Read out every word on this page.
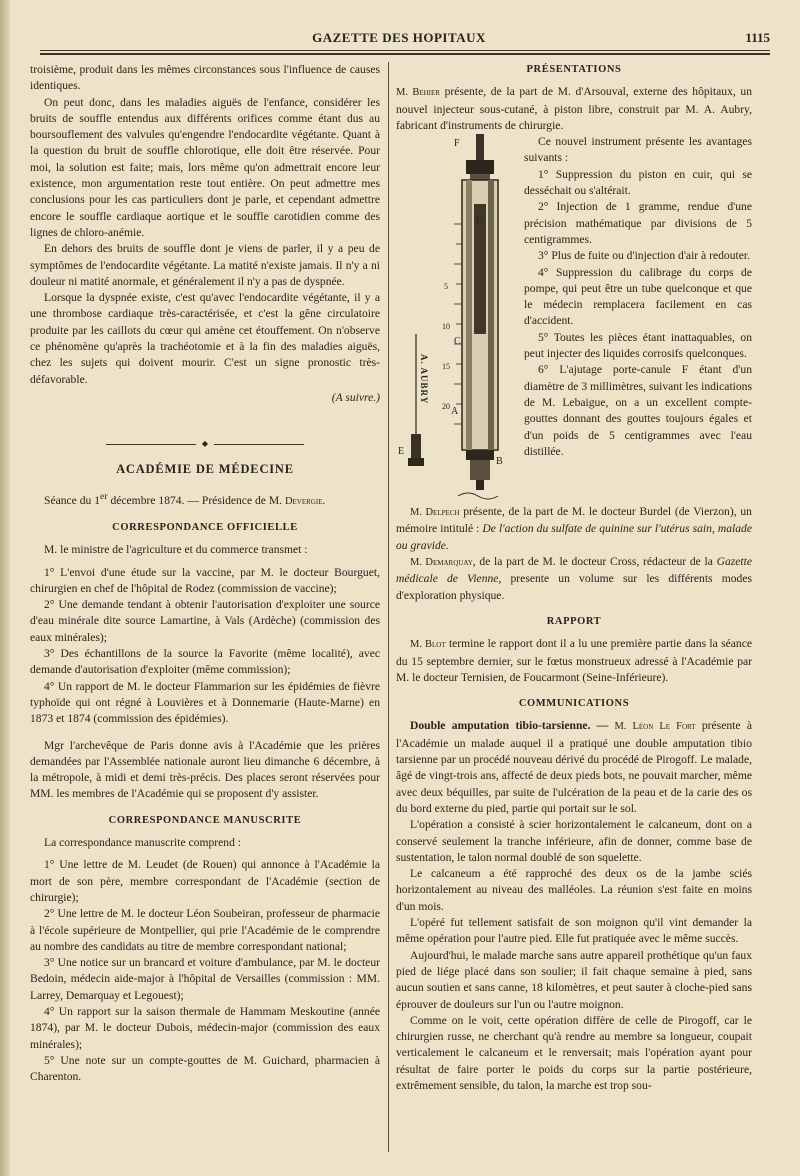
GAZETTE DES HOPITAUX	1115

troisième, produit dans les mêmes circonstances sous l'influence de causes identiques.

On peut donc, dans les maladies aiguës de l'enfance, considérer les bruits de souffle entendus aux différents orifices comme étant dus au boursouflement des valvules qu'engendre l'endocardite végétante. Quant à la question du bruit de souffle chlorotique, elle doit être réservée. Pour moi, la solution est faite; mais, lors même qu'on admettrait encore leur existence, mon argumentation reste tout entière. On peut admettre mes conclusions pour les cas particuliers dont je parle, et cependant admettre encore le souffle cardiaque aortique et le souffle carotidien comme des lignes de chloro-anémie.

En dehors des bruits de souffle dont je viens de parler, il y a peu de symptômes de l'endocardite végétante. La matité n'existe jamais. Il n'y a ni douleur ni matité anormale, et généralement il n'y a pas de dyspnée.

Lorsque la dyspnée existe, c'est qu'avec l'endocardite végétante, il y a une thrombose cardiaque très-caractérisée, et c'est la gêne circulatoire produite par les caillots du cœur qui amène cet étouffement. On n'observe ce phénomène qu'après la trachéotomie et à la fin des maladies aiguës, chez les sujets qui doivent mourir. C'est un signe pronostic très-défavorable.

(A suivre.)
◆
ACADÉMIE DE MÉDECINE

Séance du 1er décembre 1874. — Présidence de M. Devergie.

CORRESPONDANCE OFFICIELLE

M. le ministre de l'agriculture et du commerce transmet :

1° L'envoi d'une étude sur la vaccine, par M. le docteur Bourguet, chirurgien en chef de l'hôpital de Rodez (commission de vaccine);

2° Une demande tendant à obtenir l'autorisation d'exploiter une source d'eau minérale dite source Lamartine, à Vals (Ardèche) (commission des eaux minérales);

3° Des échantillons de la source la Favorite (même localité), avec demande d'autorisation d'exploiter (même commission);

4° Un rapport de M. le docteur Flammarion sur les épidémies de fièvre typhoïde qui ont régné à Louvières et à Donnemarie (Haute-Marne) en 1873 et 1874 (commission des épidémies).

Mgr l'archevêque de Paris donne avis à l'Académie que les prières demandées par l'Assemblée nationale auront lieu dimanche 6 décembre, à la métropole, à midi et demi très-précis. Des places seront réservées pour MM. les membres de l'Académie qui se proposent d'y assister.

CORRESPONDANCE MANUSCRITE

La correspondance manuscrite comprend :

1° Une lettre de M. Leudet (de Rouen) qui annonce à l'Académie la mort de son père, membre correspondant de l'Académie (section de chirurgie);

2° Une lettre de M. le docteur Léon Soubeiran, professeur de pharmacie à l'école supérieure de Montpellier, qui prie l'Académie de le comprendre au nombre des candidats au titre de membre correspondant national;

3° Une notice sur un brancard et voiture d'ambulance, par M. le docteur Bedoin, médecin aide-major à l'hôpital de Versailles (commission : MM. Larrey, Demarquay et Legouest);

4° Un rapport sur la saison thermale de Hammam Meskoutine (année 1874), par M. le docteur Dubois, médecin-major (commission des eaux minérales);

5° Une note sur un compte-gouttes de M. Guichard, pharmacien à Charenton.

PRÉSENTATIONS

M. Behier présente, de la part de M. d'Arsouval, externe des hôpitaux, un nouvel injecteur sous-cutané, à piston libre, construit par M. A. Aubry, fabricant d'instruments de chirurgie.

A. AUBRY
F
D
C
A
B
E
5
10
15
20

Ce nouvel instrument présente les avantages suivants :

1° Suppression du piston en cuir, qui se desséchait ou s'altérait.

2° Injection de 1 gramme, rendue d'une précision mathématique par divisions de 5 centigrammes.

3° Plus de fuite ou d'injection d'air à redouter.

4° Suppression du calibrage du corps de pompe, qui peut être un tube quelconque et que le médecin remplacera facilement en cas d'accident.

5° Toutes les pièces étant inattaquables, on peut injecter des liquides corrosifs quelconques.

6° L'ajutage porte-canule F étant d'un diamètre de 3 millimètres, suivant les indications de M. Lebaigue, on a un excellent compte-gouttes donnant des gouttes toujours égales et d'un poids de 5 centigrammes avec l'eau distillée.

M. Delpech présente, de la part de M. le docteur Burdel (de Vierzon), un mémoire intitulé : De l'action du sulfate de quinine sur l'utérus sain, malade ou gravide.

M. Demarquay, de la part de M. le docteur Cross, rédacteur de la Gazette médicale de Vienne, presente un volume sur les différents modes d'exploration physique.

RAPPORT

M. Blot termine le rapport dont il a lu une première partie dans la séance du 15 septembre dernier, sur le fœtus monstrueux adressé à l'Académie par M. le docteur Ternisien, de Foucarmont (Seine-Inférieure).

COMMUNICATIONS

Double amputation tibio-tarsienne. — M. Léon Le Fort présente à l'Académie un malade auquel il a pratiqué une double amputation tibio tarsienne par un procédé nouveau dérivé du procédé de Pirogoff. Le malade, âgé de vingt-trois ans, affecté de deux pieds bots, ne pouvait marcher, même avec deux béquilles, par suite de l'ulcération de la peau et de la carie des os du bord externe du pied, partie qui portait sur le sol.

L'opération a consisté à scier horizontalement le calcaneum, dont on a conservé seulement la tranche inférieure, afin de donner, comme base de sustentation, le talon normal doublé de son squelette.

Le calcaneum a été rapproché des deux os de la jambe sciés horizontalement au niveau des malléoles. La réunion s'est faite en moins d'un mois.

L'opéré fut tellement satisfait de son moignon qu'il vint demander la même opération pour l'autre pied. Elle fut pratiquée avec le même succès.

Aujourd'hui, le malade marche sans autre appareil prothétique qu'un faux pied de liége placé dans son soulier; il fait chaque semaine à pied, sans aucun soutien et sans canne, 18 kilomètres, et peut sauter à cloche-pied sans éprouver de douleurs sur l'un ou l'autre moignon.

Comme on le voit, cette opération diffère de celle de Pirogoff, car le chirurgien russe, ne cherchant qu'à rendre au membre sa longueur, coupait verticalement le calcaneum et le renversait; mais l'opération ayant pour résultat de faire porter le poids du corps sur la partie postérieure, extrêmement sensible, du talon, la marche est trop sou-
